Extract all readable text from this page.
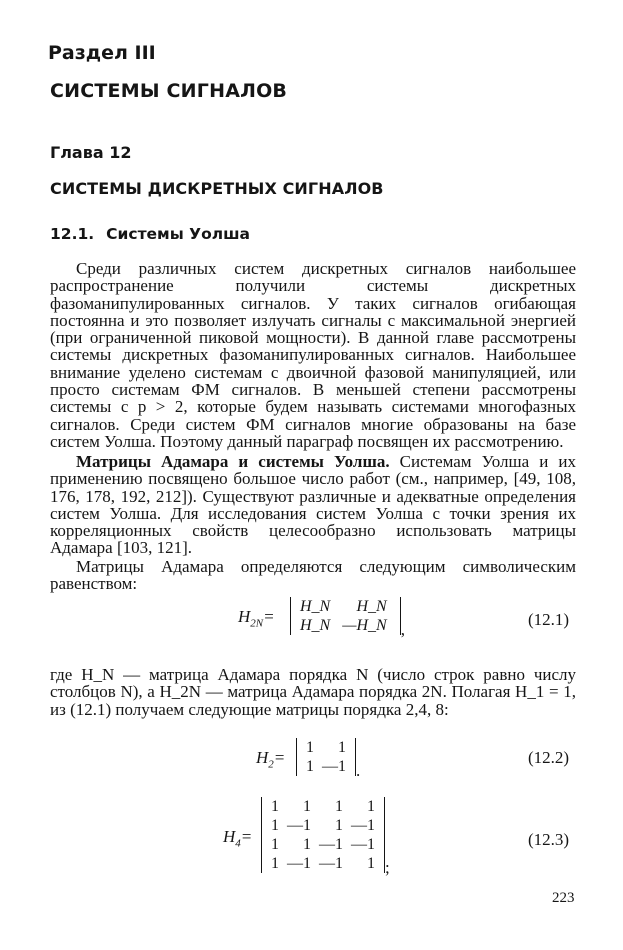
Раздел III
СИСТЕМЫ СИГНАЛОВ
Глава 12
СИСТЕМЫ ДИСКРЕТНЫХ СИГНАЛОВ
12.1. Системы Уолша

Среди различных систем дискретных сигналов наибольшее распространение получили системы дискретных фазоманипулированных сигналов. У таких сигналов огибающая постоянна и это позволяет излучать сигналы с максимальной энергией (при ограниченной пиковой мощности). В данной главе рассмотрены системы дискретных фазоманипулированных сигналов. Наибольшее внимание уделено системам с двоичной фазовой манипуляцией, или просто системам ФМ сигналов. В меньшей степени рассмотрены системы с p > 2, которые будем называть системами многофазных сигналов. Среди систем ФМ сигналов многие образованы на базе систем Уолша. Поэтому данный параграф посвящен их рассмотрению.

Матрицы Адамара и системы Уолша. Системам Уолша и их применению посвящено большое число работ (см., например, [49, 108, 176, 178, 192, 212]). Существуют различные и адекватные определения систем Уолша. Для исследования систем Уолша с точки зрения их корреляционных свойств целесообразно использовать матрицы Адамара [103, 121].

Матрицы Адамара определяются следующим символическим равенством:

$H_{2N}=$
H_N	H_N
H_N	—H_N ,
(12.1)

где H_N — матрица Адамара порядка N (число строк равно числу столбцов N), а H_2N — матрица Адамара порядка 2N. Полагая H_1 = 1, из (12.1) получаем следующие матрицы порядка 2,4, 8:

$H_2=$
1	1
1	—1 .
(12.2)
$H_4=$
1	1	1	1
1	—1	1	—1
1	1	—1	—1
1	—1	—1	1 ;
(12.3)
223
